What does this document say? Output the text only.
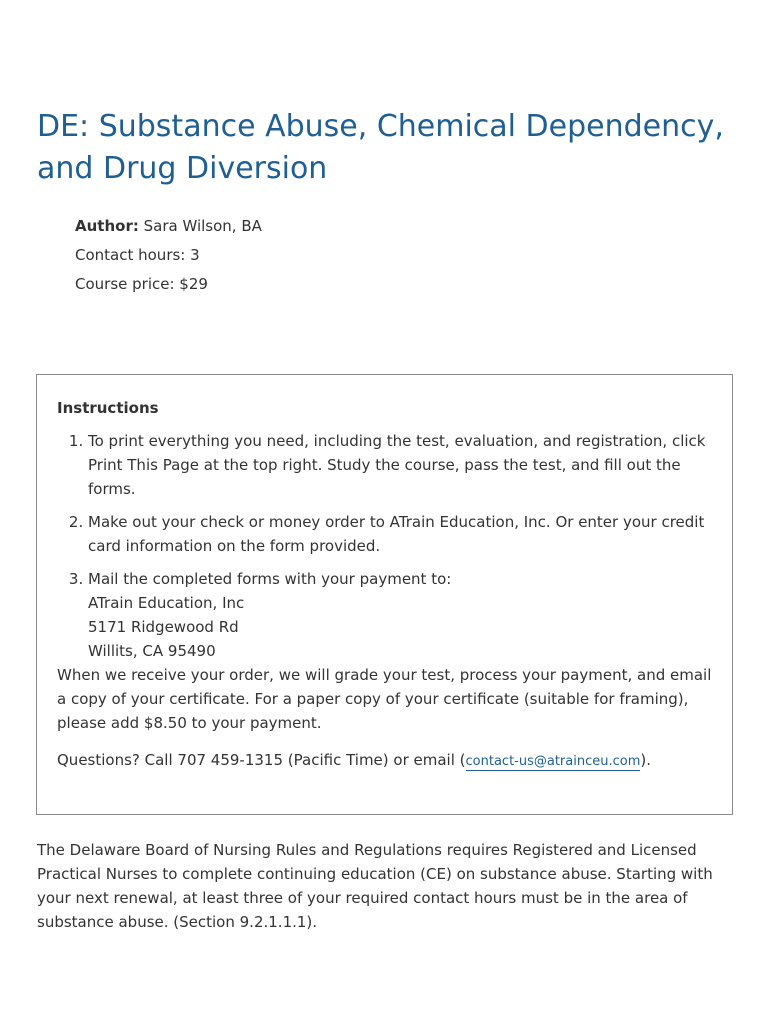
DE: Substance Abuse, Chemical Dependency, and Drug Diversion

Author: Sara Wilson, BA

Contact hours: 3

Course price: $29

Instructions

1. To print everything you need, including the test, evaluation, and registration, click Print This Page at the top right. Study the course, pass the test, and fill out the forms.
2. Make out your check or money order to ATrain Education, Inc. Or enter your credit card information on the form provided.
3. Mail the completed forms with your payment to:
ATrain Education, Inc
5171 Ridgewood Rd
Willits, CA 95490

When we receive your order, we will grade your test, process your payment, and email a copy of your certificate. For a paper copy of your certificate (suitable for framing), please add $8.50 to your payment.

Questions? Call 707 459-1315 (Pacific Time) or email (contact-us@atrainceu.com).

The Delaware Board of Nursing Rules and Regulations requires Registered and Licensed Practical Nurses to complete continuing education (CE) on substance abuse. Starting with your next renewal, at least three of your required contact hours must be in the area of substance abuse. (Section 9.2.1.1.1).
